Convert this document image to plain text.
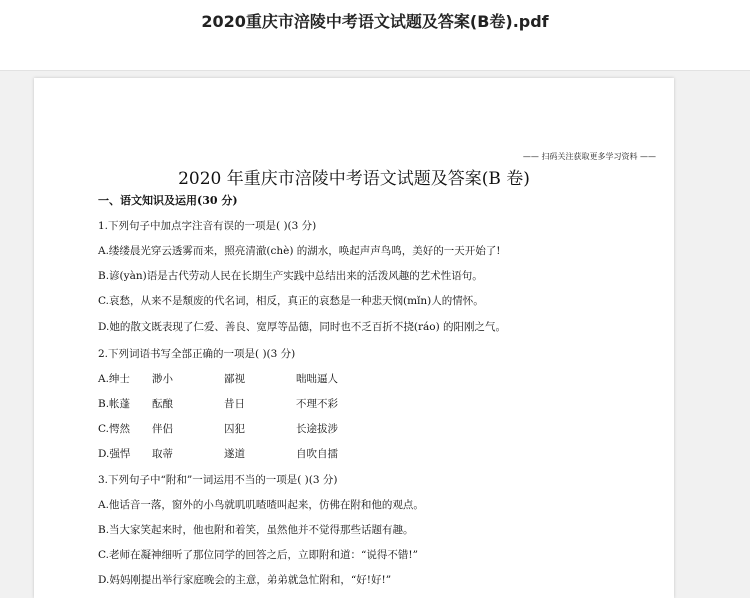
2020重庆市涪陵中考语文试题及答案(B卷).pdf
—— 扫码关注获取更多学习资料 ——
2020 年重庆市涪陵中考语文试题及答案(B 卷)
一、语文知识及运用(30 分)
1.下列句子中加点字注音有误的一项是( )(3 分)
A.缕缕晨光穿云透雾而来，照亮清澈(chè) 的湖水，唤起声声鸟鸣，美好的一天开始了!
B.谚(yàn)语是古代劳动人民在长期生产实践中总结出来的活泼风趣的艺术性语句。
C.哀愁，从来不是颓废的代名词，相反，真正的哀愁是一种悲天悯(mǐn)人的情怀。
D.她的散文既表现了仁爱、善良、宽厚等品德，同时也不乏百折不挠(ráo) 的阳刚之气。
2.下列词语书写全部正确的一项是( )(3 分)
A.绅士 渺小	鄙视	咄咄逼人
B.帐蓬 酝酿	昔日	不理不彩
C.愕然 伴侣	囚犯	长途拔涉
D.强悍 取蒂	遂道	自吹自擂
3.下列句子中“附和”一词运用不当的一项是( )(3 分)
A.他话音一落，窗外的小鸟就叽叽喳喳叫起来，仿佛在附和他的观点。
B.当大家笑起来时，他也附和着笑，虽然他并不觉得那些话题有趣。
C.老师在凝神细听了那位同学的回答之后，立即附和道：“说得不错!”
D.妈妈刚提出举行家庭晚会的主意，弟弟就急忙附和，“好!好!”
